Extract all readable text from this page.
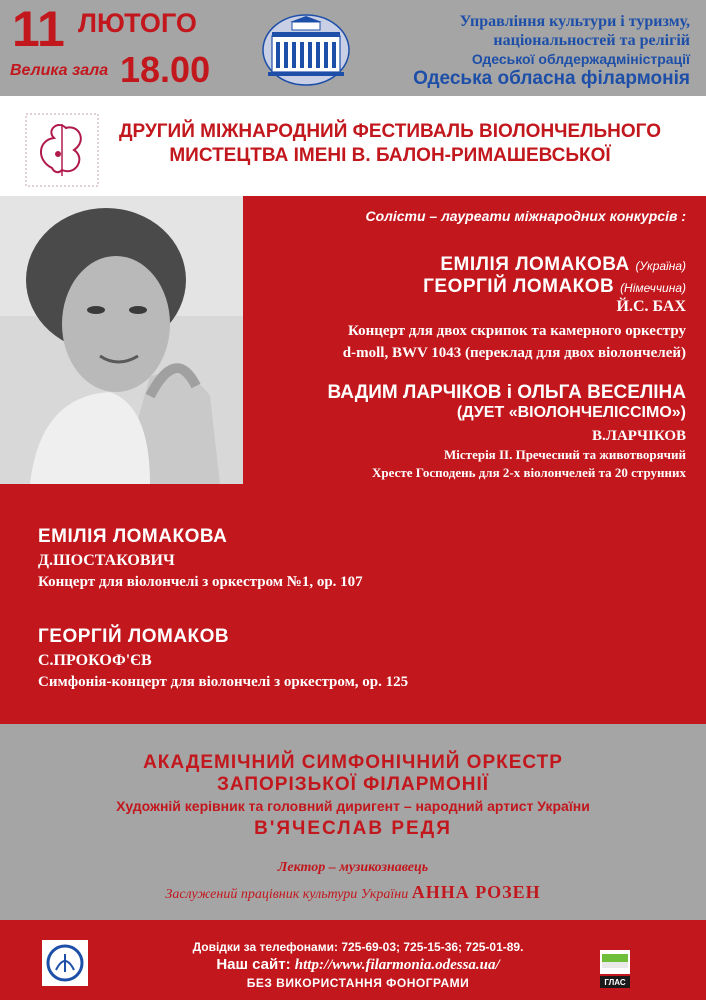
11 ЛЮТОГО
Велика зала 18.00
Управління культури і туризму,
національностей та релігій
Одеської облдержадміністрації
Одеська обласна філармонія
ДРУГИЙ МІЖНАРОДНИЙ ФЕСТИВАЛЬ ВІОЛОНЧЕЛЬНОГО
МИСТЕЦТВА ІМЕНІ В. БАЛОН-РИМАШЕВСЬКОЇ
Солісти – лауреати міжнародних конкурсів :
ЕМІЛІЯ ЛОМАКОВА (Україна)
ГЕОРГІЙ ЛОМАКОВ (Німеччина)
Й.С. БАХ
Концерт для двох скрипок та камерного оркестру
d-moll, BWV 1043 (переклад для двох віолончелей)
ВАДИМ ЛАРЧІКОВ і ОЛЬГА ВЕСЕЛІНА
(ДУЕТ «ВІОЛОНЧЕЛІССІМО»)
В.ЛАРЧІКОВ
Містерія ІІ. Пречесний та животворячий
Хресте Господень для 2-х віолончелей та 20 струнних
ЕМІЛІЯ ЛОМАКОВА
Д.ШОСТАКОВИЧ
Концерт для віолончелі з оркестром №1, ор. 107
ГЕОРГІЙ ЛОМАКОВ
С.ПРОКОФ'ЄВ
Симфонія-концерт для віолончелі з оркестром, ор. 125
АКАДЕМІЧНИЙ СИМФОНІЧНИЙ ОРКЕСТР
ЗАПОРІЗЬКОЇ ФІЛАРМОНІЇ
Художній керівник та головний диригент – народний артист України
В'ЯЧЕСЛАВ РЕДЯ
Лектор – музикознавець
Заслужений працівник культури України АННА РОЗЕН
Довідки за телефонами: 725-69-03; 725-15-36; 725-01-89.
Наш сайт: http://www.filarmonia.odessa.ua/
БЕЗ ВИКОРИСТАННЯ ФОНОГРАМИ	ГЛАС
